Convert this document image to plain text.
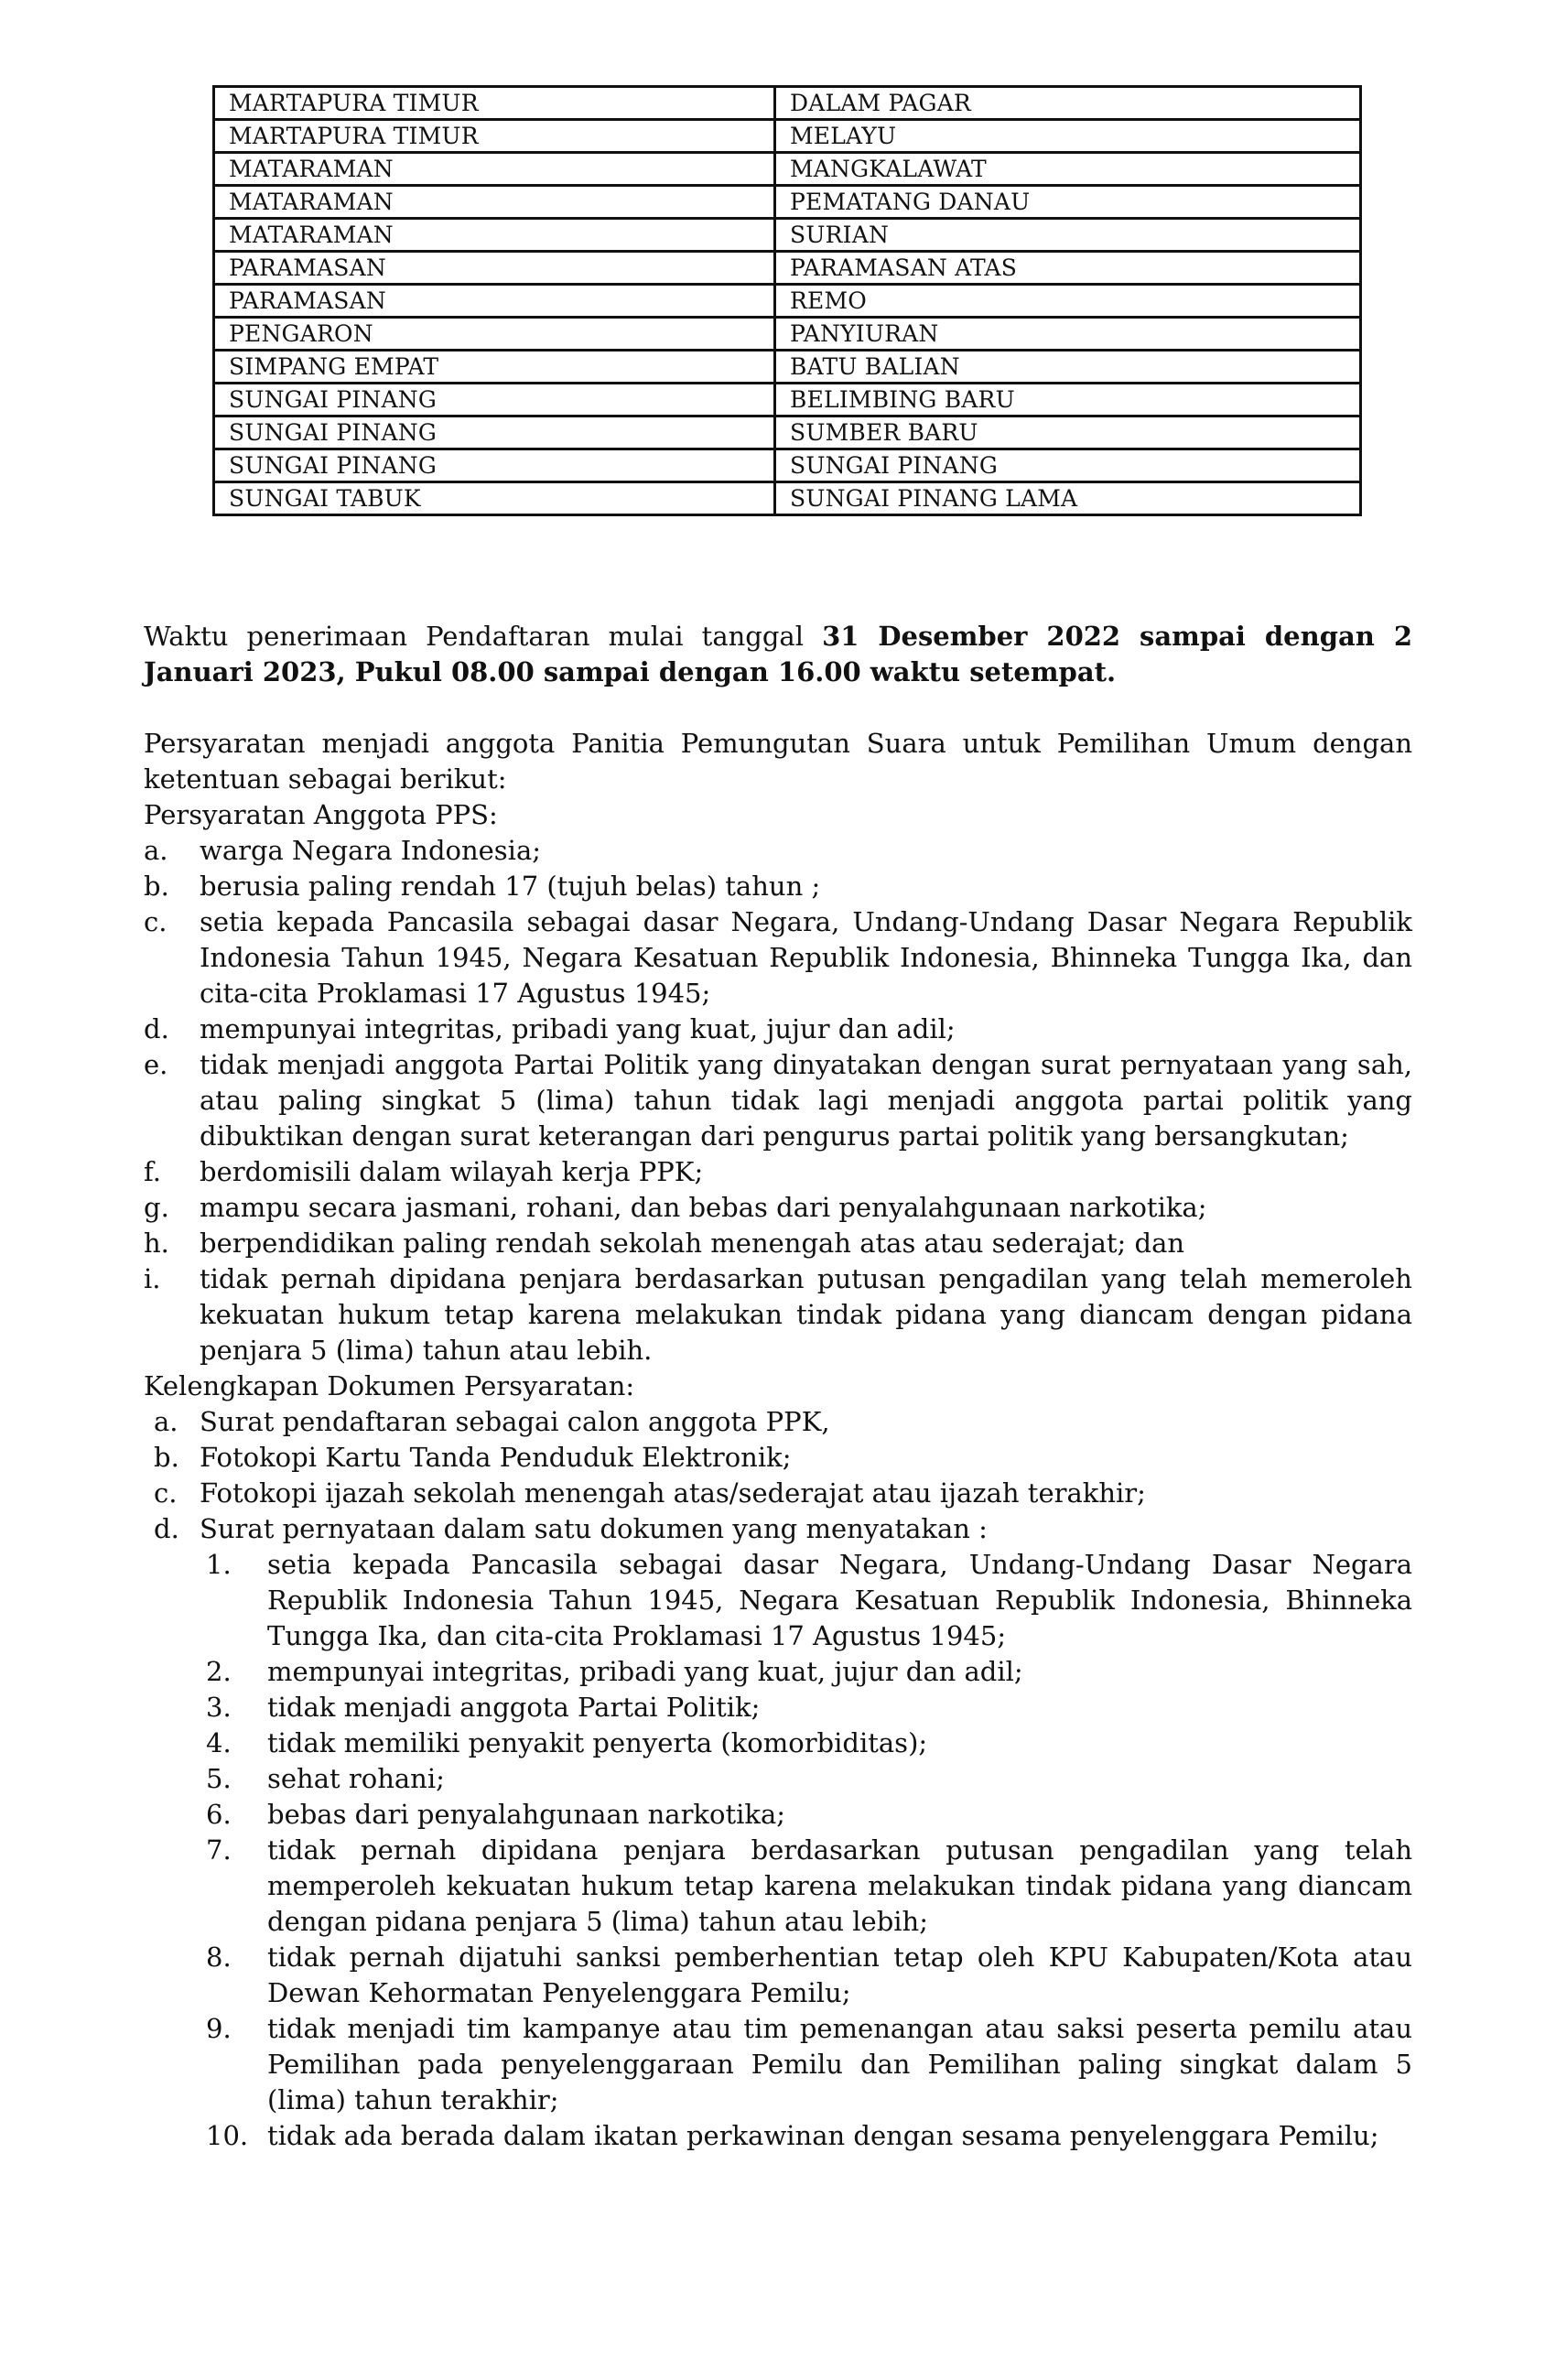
MARTAPURA TIMUR	DALAM PAGAR
MARTAPURA TIMUR	MELAYU
MATARAMAN	MANGKALAWAT
MATARAMAN	PEMATANG DANAU
MATARAMAN	SURIAN
PARAMASAN	PARAMASAN ATAS
PARAMASAN	REMO
PENGARON	PANYIURAN
SIMPANG EMPAT	BATU BALIAN
SUNGAI PINANG	BELIMBING BARU
SUNGAI PINANG	SUMBER BARU
SUNGAI PINANG	SUNGAI PINANG
SUNGAI TABUK	SUNGAI PINANG LAMA

Waktu penerimaan Pendaftaran mulai tanggal 31 Desember 2022 sampai dengan 2 Januari 2023, Pukul 08.00 sampai dengan 16.00 waktu setempat.

Persyaratan menjadi anggota Panitia Pemungutan Suara untuk Pemilihan Umum dengan ketentuan sebagai berikut:

Persyaratan Anggota PPS:

a. warga Negara Indonesia;
b. berusia paling rendah 17 (tujuh belas) tahun ;
c. setia kepada Pancasila sebagai dasar Negara, Undang-Undang Dasar Negara Republik Indonesia Tahun 1945, Negara Kesatuan Republik Indonesia, Bhinneka Tungga Ika, dan cita-cita Proklamasi 17 Agustus 1945;
d. mempunyai integritas, pribadi yang kuat, jujur dan adil;
e. tidak menjadi anggota Partai Politik yang dinyatakan dengan surat pernyataan yang sah, atau paling singkat 5 (lima) tahun tidak lagi menjadi anggota partai politik yang dibuktikan dengan surat keterangan dari pengurus partai politik yang bersangkutan;
f. berdomisili dalam wilayah kerja PPK;
g. mampu secara jasmani, rohani, dan bebas dari penyalahgunaan narkotika;
h. berpendidikan paling rendah sekolah menengah atas atau sederajat; dan
i. tidak pernah dipidana penjara berdasarkan putusan pengadilan yang telah memeroleh kekuatan hukum tetap karena melakukan tindak pidana yang diancam dengan pidana penjara 5 (lima) tahun atau lebih.

Kelengkapan Dokumen Persyaratan:

a. Surat pendaftaran sebagai calon anggota PPK,
b. Fotokopi Kartu Tanda Penduduk Elektronik;
c. Fotokopi ijazah sekolah menengah atas/sederajat atau ijazah terakhir;
d. Surat pernyataan dalam satu dokumen yang menyatakan :
1. setia kepada Pancasila sebagai dasar Negara, Undang-Undang Dasar Negara Republik Indonesia Tahun 1945, Negara Kesatuan Republik Indonesia, Bhinneka Tungga Ika, dan cita-cita Proklamasi 17 Agustus 1945;
2. mempunyai integritas, pribadi yang kuat, jujur dan adil;
3. tidak menjadi anggota Partai Politik;
4. tidak memiliki penyakit penyerta (komorbiditas);
5. sehat rohani;
6. bebas dari penyalahgunaan narkotika;
7. tidak pernah dipidana penjara berdasarkan putusan pengadilan yang telah memperoleh kekuatan hukum tetap karena melakukan tindak pidana yang diancam dengan pidana penjara 5 (lima) tahun atau lebih;
8. tidak pernah dijatuhi sanksi pemberhentian tetap oleh KPU Kabupaten/Kota atau Dewan Kehormatan Penyelenggara Pemilu;
9. tidak menjadi tim kampanye atau tim pemenangan atau saksi peserta pemilu atau Pemilihan pada penyelenggaraan Pemilu dan Pemilihan paling singkat dalam 5 (lima) tahun terakhir;
10. tidak ada berada dalam ikatan perkawinan dengan sesama penyelenggara Pemilu;
